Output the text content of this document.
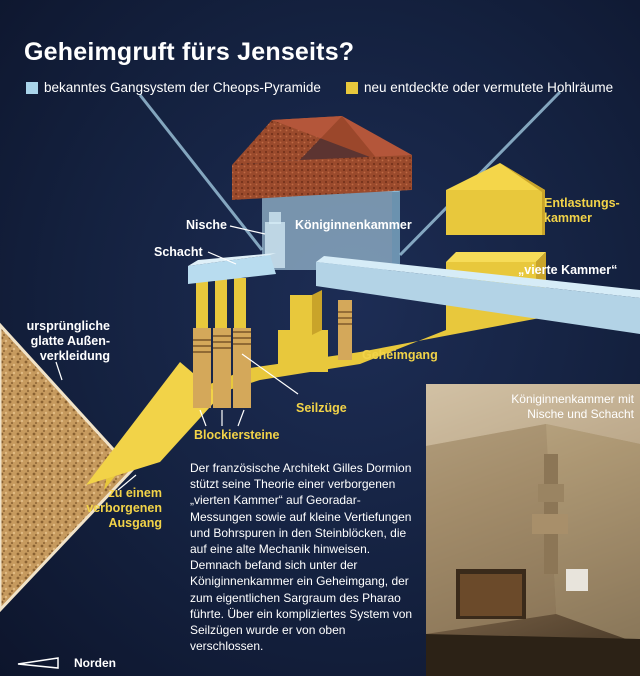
Geheimgruft fürs Jenseits?
bekanntes Gangsystem der Cheops-Pyramide	neu entdeckte oder vermutete Hohlräume
Nische	Königinnenkammer
Entlastungs-
kammer
Schacht
„vierte Kammer“
ursprüngliche
glatte Außen-
verkleidung	Geheimgang
Seilzüge
Blockiersteine
zu einem
verborgenen
Ausgang
Der französische Architekt Gilles Dormion stützt seine Theorie einer verborgenen „vierten Kammer“ auf Georadar-Messungen sowie auf kleine Vertiefungen und Bohrspuren in den Steinblöcken, die auf eine alte Mechanik hinweisen. Demnach befand sich unter der Königinnenkammer ein Geheimgang, der zum eigentlichen Sargraum des Pharao führte. Über ein kompliziertes System von Seilzügen wurde er von oben verschlossen.
Königinnenkammer mit
Nische und Schacht
Norden
